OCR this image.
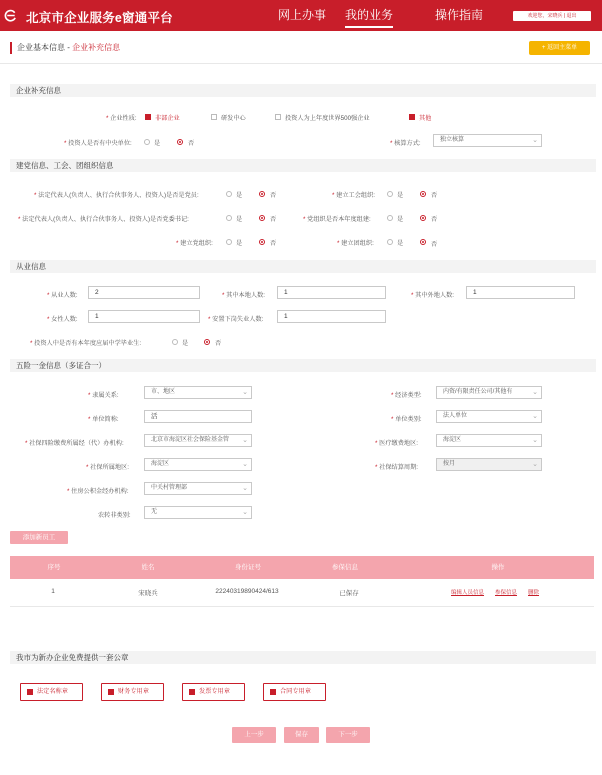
北京市企业服务e窗通平台	网上办事 我的业务	操作指南	欢迎您，宋晓兵 | 退出
企业基本信息 - 企业补充信息	+ 返回主菜单
企业补充信息
* 企业性质:	非部企业	研发中心	投资人为上年度世界500强企业	其他
* 投资人是否有中央单位:	是	否	* 核算方式:	独立核算	⌄
建党信息、工会、团组织信息
* 法定代表人(负责人、执行合伙事务人、投资人)是否是党员:	是	否	* 建立工会组织:	是	否
* 法定代表人(负责人、执行合伙事务人、投资人)是否党委书记:	是	否	* 党组织是否本年度组建:	是	否
* 建立党组织:	是	否	* 建立团组织:	是	否
从业信息
* 从业人数:	2	* 其中本地人数:	1	* 其中外地人数:	1
* 女性人数:	1	* 安置下岗失业人数:	1
* 投资人中是否有本年度应届中学毕业生:	是	否
五险一金信息（多证合一）
* 隶属关系:	市、地区	⌄	* 经济类型:	内资/有限责任公司/其他有	⌄
* 单位简称:	活	* 单位类别:	法人单位	⌄
* 社保四险缴费所属经（代）办机构:	北京市海淀区社会保险基金管 ⌄	* 医疗缴费地区:	海淀区	⌄
* 社保所属地区:	海淀区	⌄	* 社保结算周期:	按月	⌄
* 住房公积金经办机构:	中关村管理部	⌄
农转非类别:	无	⌄
添加新员工
序号	姓名	身份证号	参保信息	操作
1	宋晓兵	22240319890424/613	已保存	编辑人员信息 参保信息 删除
我市为新办企业免费提供一套公章
法定名称章	财务专用章	发票专用章	合同专用章
上一步	保存	下一步
